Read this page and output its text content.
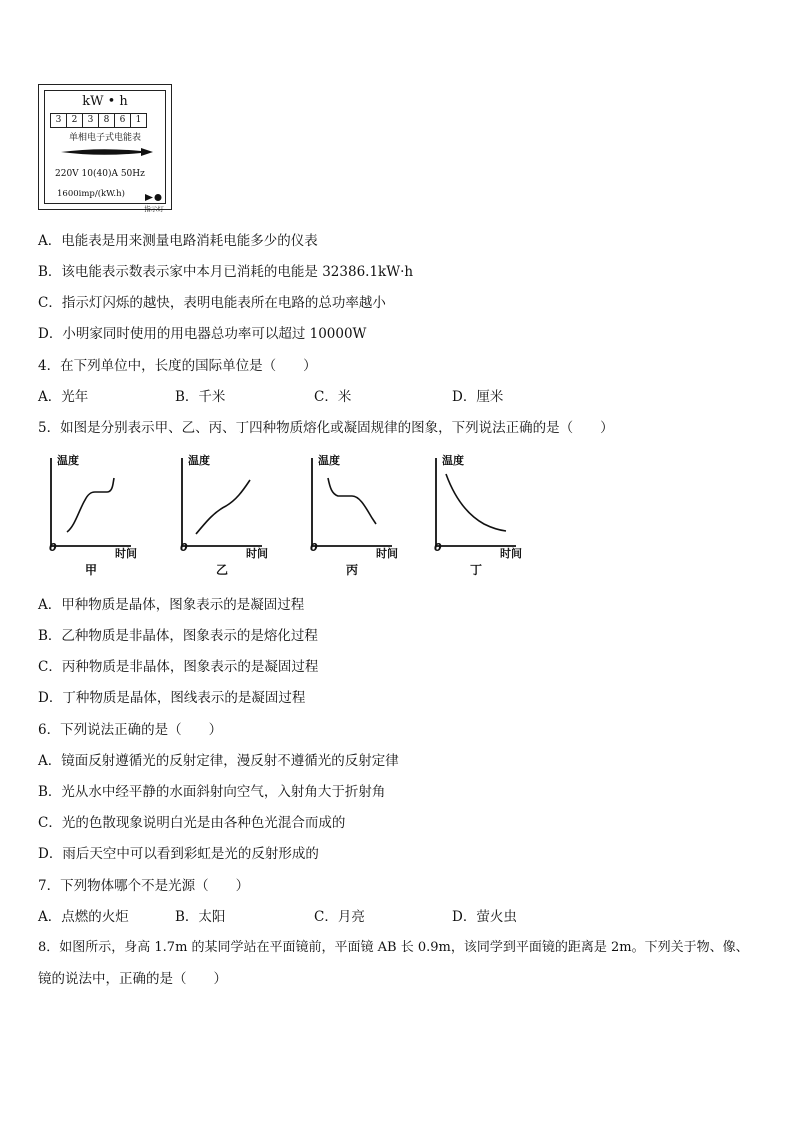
kW • h
3	2	3	8	6	1
单相电子式电能表
220V 10(40)A 50Hz
1600imp/(kW.h)
指示灯
A．电能表是用来测量电路消耗电能多少的仪表
B．该电能表示数表示家中本月已消耗的电能是 32386.1kW·h
C．指示灯闪烁的越快，表明电能表所在电路的总功率越小
D．小明家同时使用的用电器总功率可以超过 10000W
4．在下列单位中，长度的国际单位是（　　）
A．光年	B．千米	C．米	D．厘米
5．如图是分别表示甲、乙、丙、丁四种物质熔化或凝固规律的图象，下列说法正确的是（　　）
温度
0	时间
甲
温度
0	时间
乙
温度
0	时间
丙
温度
0	时间
丁
A．甲种物质是晶体，图象表示的是凝固过程
B．乙种物质是非晶体，图象表示的是熔化过程
C．丙种物质是非晶体，图象表示的是凝固过程
D．丁种物质是晶体，图线表示的是凝固过程
6．下列说法正确的是（　　）
A．镜面反射遵循光的反射定律，漫反射不遵循光的反射定律
B．光从水中经平静的水面斜射向空气，入射角大于折射角
C．光的色散现象说明白光是由各种色光混合而成的
D．雨后天空中可以看到彩虹是光的反射形成的
7．下列物体哪个不是光源（　　）
A．点燃的火炬	B．太阳	C．月亮	D．萤火虫
8．如图所示，身高 1.7m 的某同学站在平面镜前，平面镜 AB 长 0.9m，该同学到平面镜的距离是 2m。下列关于物、像、
镜的说法中，正确的是（　　）
